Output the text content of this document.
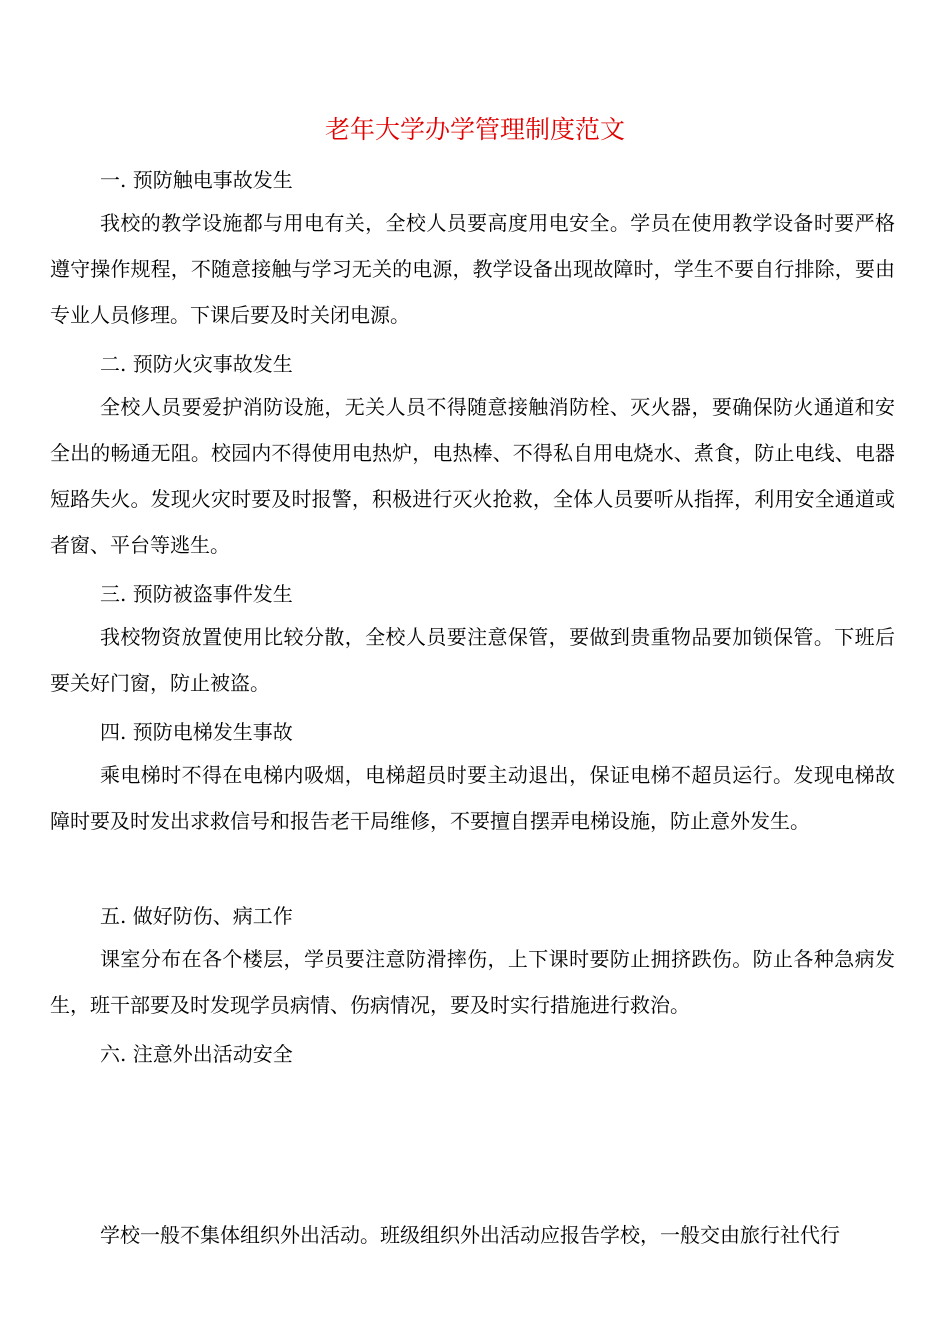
老年大学办学管理制度范文
一. 预防触电事故发生
我校的教学设施都与用电有关，全校人员要高度用电安全。学员在使用教学设备时要严格遵守操作规程，不随意接触与学习无关的电源，教学设备出现故障时，学生不要自行排除，要由专业人员修理。下课后要及时关闭电源。
二. 预防火灾事故发生
全校人员要爱护消防设施，无关人员不得随意接触消防栓、灭火器，要确保防火通道和安全出的畅通无阻。校园内不得使用电热炉，电热棒、不得私自用电烧水、煮食，防止电线、电器短路失火。发现火灾时要及时报警，积极进行灭火抢救，全体人员要听从指挥，利用安全通道或者窗、平台等逃生。
三. 预防被盗事件发生
我校物资放置使用比较分散，全校人员要注意保管，要做到贵重物品要加锁保管。下班后要关好门窗，防止被盗。
四. 预防电梯发生事故
乘电梯时不得在电梯内吸烟，电梯超员时要主动退出，保证电梯不超员运行。发现电梯故障时要及时发出求救信号和报告老干局维修，不要擅自摆弄电梯设施，防止意外发生。
五. 做好防伤、病工作
课室分布在各个楼层，学员要注意防滑摔伤，上下课时要防止拥挤跌伤。防止各种急病发生，班干部要及时发现学员病情、伤病情况，要及时实行措施进行救治。
六. 注意外出活动安全
学校一般不集体组织外出活动。班级组织外出活动应报告学校，一般交由旅行社代行
